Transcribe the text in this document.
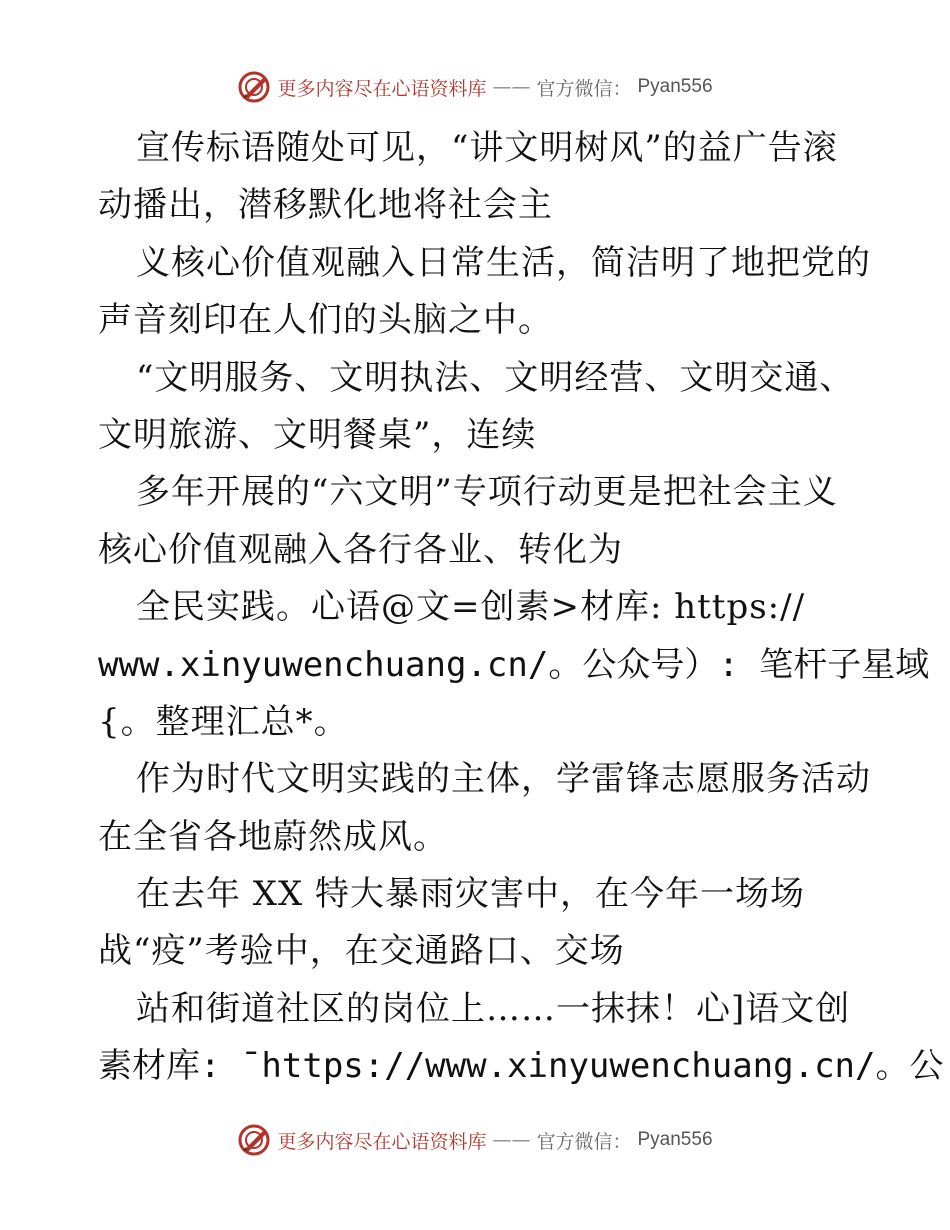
更多内容尽在心语资料库 —— 官方微信： Pyan556
宣传标语随处可见，“讲文明树风”的益广告滚
动播出，潜移默化地将社会主
义核心价值观融入日常生活，简洁明了地把党的
声音刻印在人们的头脑之中。
“文明服务、文明执法、文明经营、文明交通、
文明旅游、文明餐桌”，连续
多年开展的“六文明”专项行动更是把社会主义
核心价值观融入各行各业、转化为
全民实践。心语@文=创素>材库: https://
www.xinyuwenchuang.cn/。公众号）: 笔杆子星域
{。整理汇总*。
作为时代文明实践的主体，学雷锋志愿服务活动
在全省各地蔚然成风。
在去年 XX 特大暴雨灾害中，在今年一场场
战“疫”考验中，在交通路口、交场
站和街道社区的岗位上……一抹抹！心]语文创
素材库: ¯https://www.xinyuwenchuang.cn/。公
更多内容尽在心语资料库 —— 官方微信： Pyan556
